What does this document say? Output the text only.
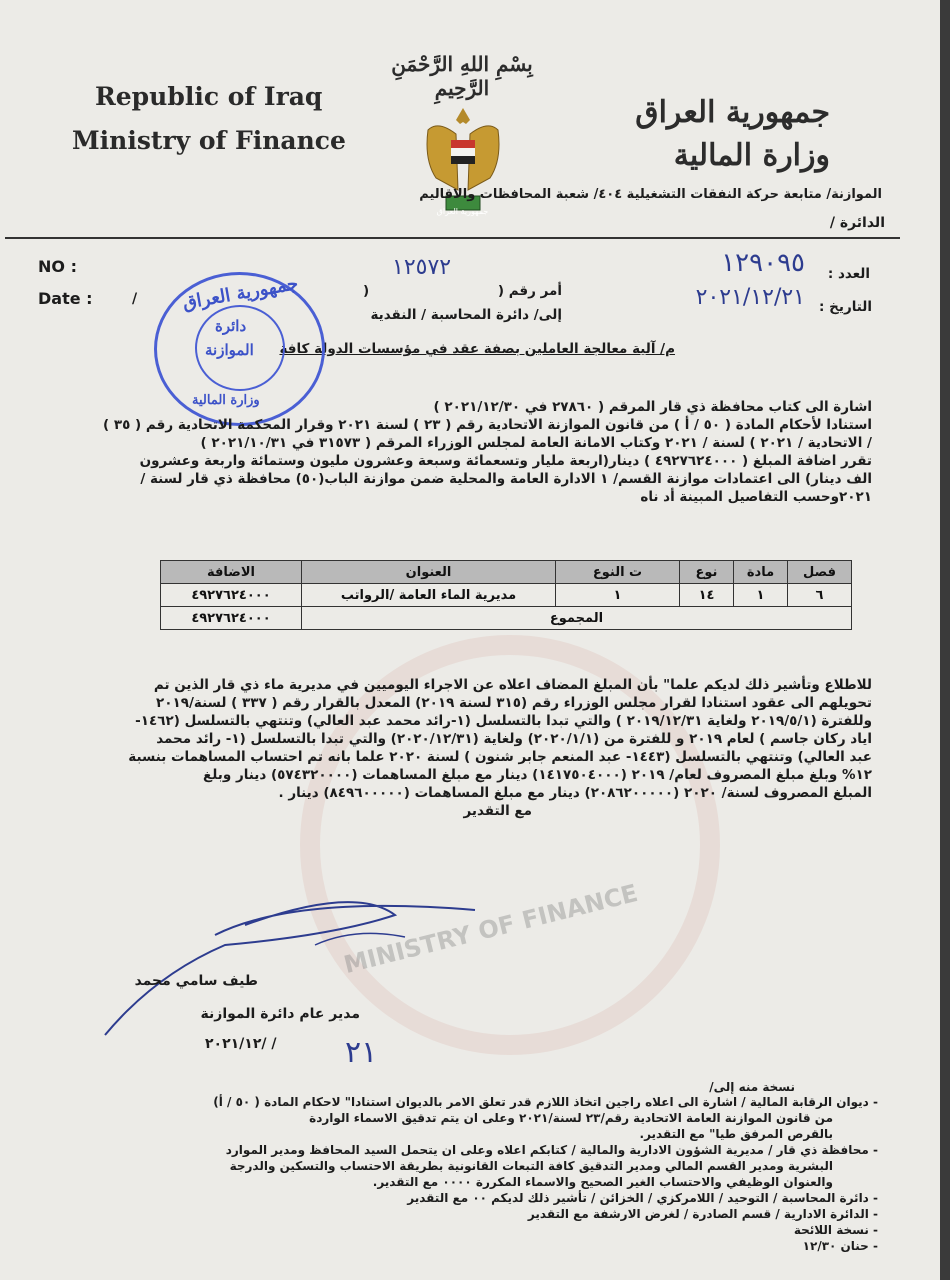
Republic of Iraq
Ministry of Finance
بِسْمِ اللهِ الرَّحْمَنِ الرَّحِيمِ
جمهورية العراق
جمهورية العراق
وزارة المالية
الموازنة/ متابعة حركة النفقات التشغيلية ٤٠٤/ شعبة المحافظات والاقاليم
الدائرة /
NO :
Date :	/
العدد :
١٢٩٠٩٥
التاريخ :
٢٠٢١/١٢/٢١
أمر رقم (
)
١٢٥٧٢
إلى/ دائرة المحاسبة / النقدية
م/ آلية معالجة العاملين بصفة عقد في مؤسسات الدولة كافة
جمهورية العراق
دائرة
الموازنة
وزارة المالية	اشارة الى كتاب محافظة ذي قار المرقم ( ٢٧٨٦٠ في ٢٠٢١/١٢/٣٠ )
استنادا لأحكام المادة ( ٥٠ / أ ) من قانون الموازنة الاتحادية رقم ( ٢٣ ) لسنة ٢٠٢١ وقرار المحكمة الاتحادية رقم ( ٣٥ )
/ الاتحادية / ٢٠٢١ ) لسنة / ٢٠٢١ وكتاب الامانة العامة لمجلس الوزراء المرقم ( ٣١٥٧٣ في ٢٠٢١/١٠/٣١ )
تقرر اضافة المبلغ ( ٤٩٢٧٦٢٤٠٠٠ ) دينار(اربعة مليار وتسعمائة وسبعة وعشرون مليون وستمائة واربعة وعشرون
الف دينار) الى اعتمادات موازنة القسم/ ١ الادارة العامة والمحلية ضمن موازنة الباب(٥٠) محافظة ذي قار لسنة /
٢٠٢١وحسب التفاصيل المبينة أد ناه
MINISTRY OF FINANCE
فصل	مادة	نوع	ت النوع	العنوان	الاضافة
٦	١	١٤	١	مديرية الماء العامة /الرواتب	٤٩٢٧٦٢٤٠٠٠
المجموع					٤٩٢٧٦٢٤٠٠٠
للاطلاع وتأشير ذلك لديكم علما" بأن المبلغ المضاف اعلاه عن الاجراء اليوميين في مديرية ماء ذي قار الذين تم
تحويلهم الى عقود استنادا لقرار مجلس الوزراء رقم (٣١٥ لسنة ٢٠١٩) المعدل بالقرار رقم ( ٣٣٧ ) لسنة/٢٠١٩
وللفترة (٢٠١٩/٥/١ ولغاية ٢٠١٩/١٢/٣١ ) والتي تبدا بالتسلسل (١-رائد محمد عبد العالي) وتنتهي بالتسلسل (١٤٦٢-
اياد ركان جاسم ) لعام ٢٠١٩ و للفترة من (٢٠٢٠/١/١) ولغاية (٢٠٢٠/١٢/٣١) والتي تبدا بالتسلسل (١- رائد محمد
عبد العالي) وتنتهي بالتسلسل (١٤٤٣- عبد المنعم جابر شنون ) لسنة ٢٠٢٠ علما بانه تم احتساب المساهمات بنسبة
١٢% وبلغ مبلغ المصروف لعام/ ٢٠١٩ (١٤١٧٥٠٤٠٠٠) دينار مع مبلغ المساهمات (٥٧٤٣٢٠٠٠٠) دينار وبلغ
المبلغ المصروف لسنة/ ٢٠٢٠ (٢٠٨٦٢٠٠٠٠٠) دينار مع مبلغ المساهمات (٨٤٩٦٠٠٠٠٠) دينار .
مع التقدير
طيف سامي محمد
مدير عام دائرة الموازنة
٢٠٢١/١٢/ / ٢١
نسخة منه إلى/
- ديوان الرقابة المالية / اشارة الى اعلاه راجين اتخاذ اللازم قدر تعلق الامر بالديوان استنادا" لاحكام المادة ( ٥٠ / أ)
من قانون الموازنة العامة الاتحادية رقم/٢٣ لسنة/٢٠٢١ وعلى ان يتم تدقيق الاسماء الواردة
بالقرص المرفق طيا" مع التقدير.
- محافظة ذي قار / مديرية الشؤون الادارية والمالية / كتابكم اعلاه وعلى ان يتحمل السيد المحافظ ومدير الموارد
البشرية ومدير القسم المالي ومدير التدقيق كافة التبعات القانونية بطريقة الاحتساب والتسكين والدرجة
والعنوان الوظيفي والاحتساب الغير الصحيح والاسماء المكررة ٠٠٠٠ مع التقدير.
- دائرة المحاسبة / التوحيد / اللامركزي / الخزائن / تأشير ذلك لديكم ٠٠ مع التقدير
- الدائرة الادارية / قسم الصادرة / لغرض الارشفة مع التقدير
- نسخة اللائحة
- حنان ١٢/٣٠
